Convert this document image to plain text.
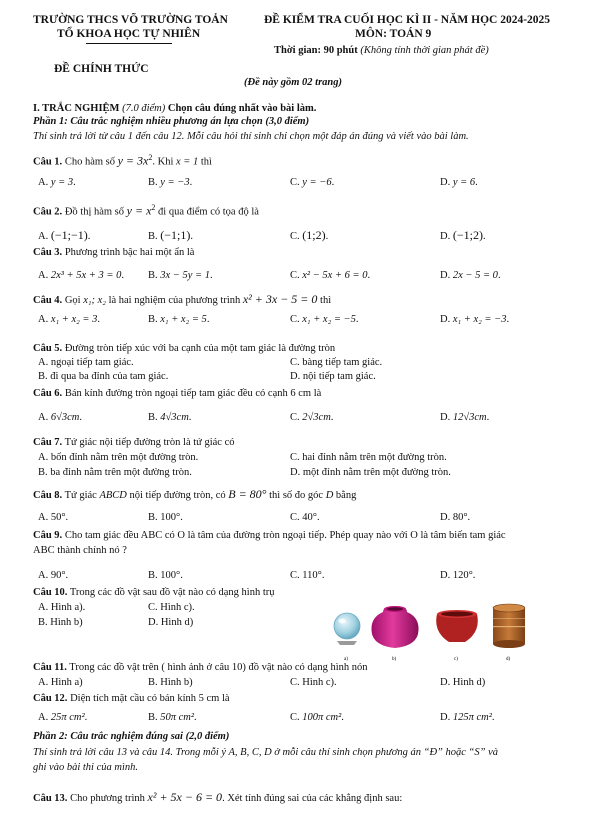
TRƯỜNG THCS VÕ TRƯỜNG TOẢN
TỔ KHOA HỌC TỰ NHIÊN
ĐỀ CHÍNH THỨC
ĐỀ KIỂM TRA CUỐI HỌC KÌ II - NĂM HỌC 2024-2025
MÔN: TOÁN 9
Thời gian: 90 phút (Không tính thời gian phát đề)
(Đề này gồm 02 trang)
I. TRẮC NGHIỆM (7.0 điểm) Chọn câu đúng nhất vào bài làm.
Phần 1: Câu trắc nghiệm nhiều phương án lựa chọn (3,0 điểm)
Thí sinh trả lời từ câu 1 đến câu 12. Mỗi câu hỏi thí sinh chỉ chọn một đáp án đúng và viết vào bài làm.
Câu 1. Cho hàm số $y = 3x^2$. Khi x = 1 thì
A. y = 3.	B. y = −3.	C. y = −6.	D. y = 6.
Câu 2. Đồ thị hàm số $y = x^2$ đi qua điểm có tọa độ là
A. (−1;−1).	B. (−1;1).	C. (1;2).	D. (−1;2).
Câu 3. Phương trình bậc hai một ẩn là
A. 2x³ + 5x + 3 = 0. B. 3x − 5y = 1.	C. x² − 5x + 6 = 0.	D. 2x − 5 = 0.
Câu 4. Gọi x₁; x₂ là hai nghiệm của phương trình x² + 3x − 5 = 0 thì
A. x₁ + x₂ = 3.	B. x₁ + x₂ = 5.	C. x₁ + x₂ = −5.	D. x₁ + x₂ = −3.
Câu 5. Đường tròn tiếp xúc với ba cạnh của một tam giác là đường tròn
A. ngoại tiếp tam giác.	C. bàng tiếp tam giác.
B. đi qua ba đỉnh của tam giác.	D. nội tiếp tam giác.
Câu 6. Bán kính đường tròn ngoại tiếp tam giác đều có cạnh 6 cm là
A. 6√3cm.	B. 4√3cm.	C. 2√3cm.	D. 12√3cm.
Câu 7. Tứ giác nội tiếp đường tròn là tứ giác có
A. bốn đỉnh nằm trên một đường tròn.	C. hai đỉnh nằm trên một đường tròn.
B. ba đỉnh nằm trên một đường tròn.	D. một đỉnh nằm trên một đường tròn.
Câu 8. Tứ giác ABCD nội tiếp đường tròn, có B = 80° thì số đo góc D bằng
A. 50°.	B. 100°.	C. 40°.	D. 80°.
Câu 9. Cho tam giác đều ABC có O là tâm của đường tròn ngoại tiếp. Phép quay nào với O là tâm biến tam giác
ABC thành chính nó ?
A. 90°.	B. 100°.	C. 110°.	D. 120°.
Câu 10. Trong các đồ vật sau đồ vật nào có dạng hình trụ
A. Hình a).	C. Hình c).
B. Hình b)	D. Hình d)
a)	b)	c)	d)
Câu 11. Trong các đồ vật trên ( hình ảnh ở câu 10) đồ vật nào có dạng hình nón
A. Hình a)	B. Hình b)	C. Hình c).	D. Hình d)
Câu 12. Diện tích mặt cầu có bán kính 5 cm là
A. 25π cm².	B. 50π cm².	C. 100π cm².	D. 125π cm².
Phần 2: Câu trắc nghiệm đúng sai (2,0 điểm)
Thí sinh trả lời câu 13 và câu 14. Trong mỗi ý A, B, C, D ở mỗi câu thí sinh chọn phương án “Đ” hoặc “S” và
ghi vào bài thi của mình.
Câu 13. Cho phương trình x² + 5x − 6 = 0. Xét tính đúng sai của các khẳng định sau:
